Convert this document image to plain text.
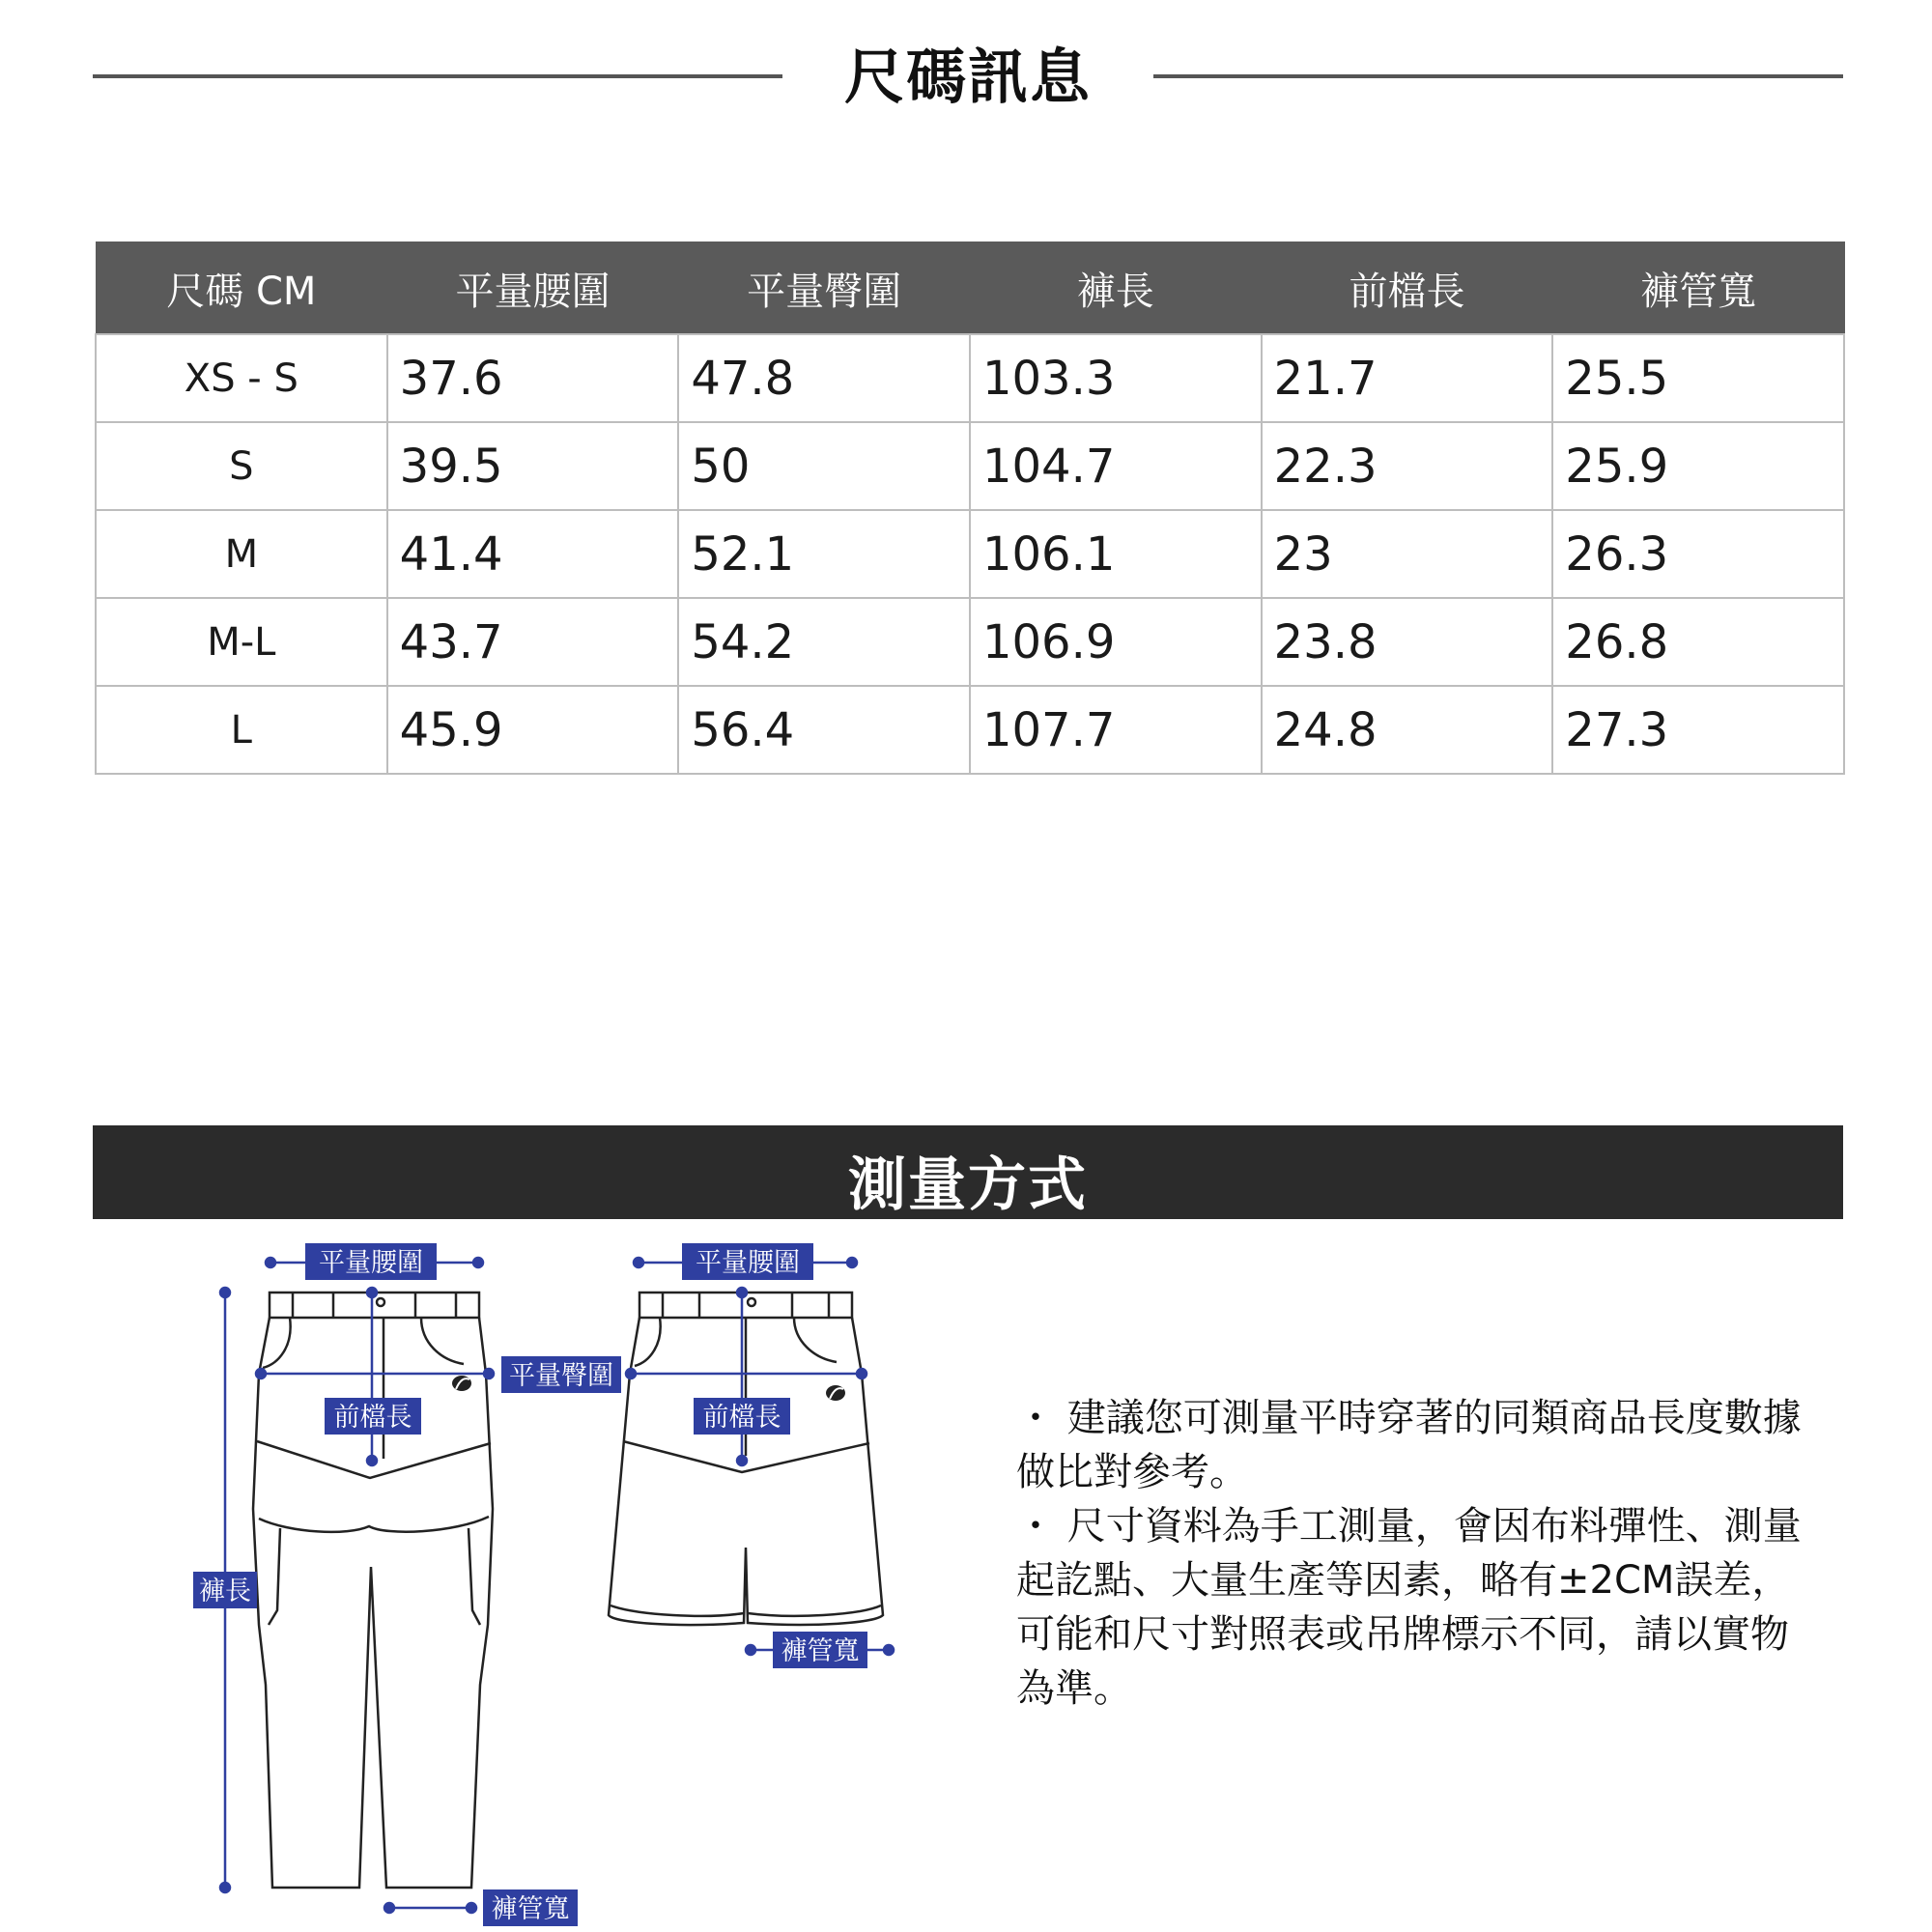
尺碼訊息
尺碼 CM	平量腰圍	平量臀圍	褲長	前檔長	褲管寬
XS - S	37.6	47.8	103.3	21.7	25.5
S	39.5	50	104.7	22.3	25.9
M	41.4	52.1	106.1	23	26.3
M-L	43.7	54.2	106.9	23.8	26.8
L	45.9	56.4	107.7	24.8	27.3
測量方式
平量腰圍
平量臀圍
前檔長
褲長
褲管寬
平量腰圍
前檔長
褲管寬

・ 建議您可測量平時穿著的同類商品長度數據做比對參考。

・ 尺寸資料為手工測量，會因布料彈性、測量起訖點、大量生產等因素，略有±2CM誤差，可能和尺寸對照表或吊牌標示不同，請以實物為準。
